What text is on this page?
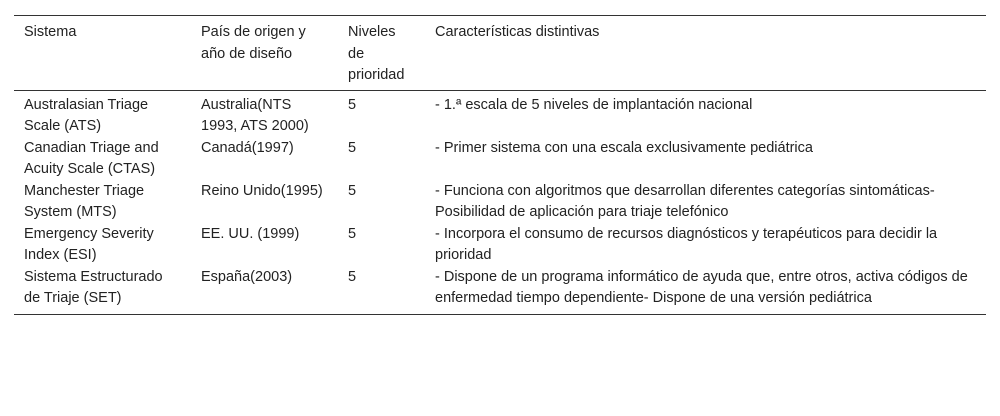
Sistema	País de origen y año de diseño	Niveles de prioridad	Características distintivas
Australasian Triage Scale (ATS)	Australia(NTS 1993, ATS 2000)	5	- 1.ª escala de 5 niveles de implantación nacional
Canadian Triage and Acuity Scale (CTAS)	Canadá(1997)	5	- Primer sistema con una escala exclusivamente pediátrica
Manchester Triage System (MTS)	Reino Unido(1995)	5	- Funciona con algoritmos que desarrollan diferentes categorías sintomáticas- Posibilidad de aplicación para triaje telefónico
Emergency Severity Index (ESI)	EE. UU. (1999)	5	- Incorpora el consumo de recursos diagnósticos y terapéuticos para decidir la prioridad
Sistema Estructurado de Triaje (SET)	España(2003)	5	- Dispone de un programa informático de ayuda que, entre otros, activa códigos de enfermedad tiempo dependiente- Dispone de una versión pediátrica
